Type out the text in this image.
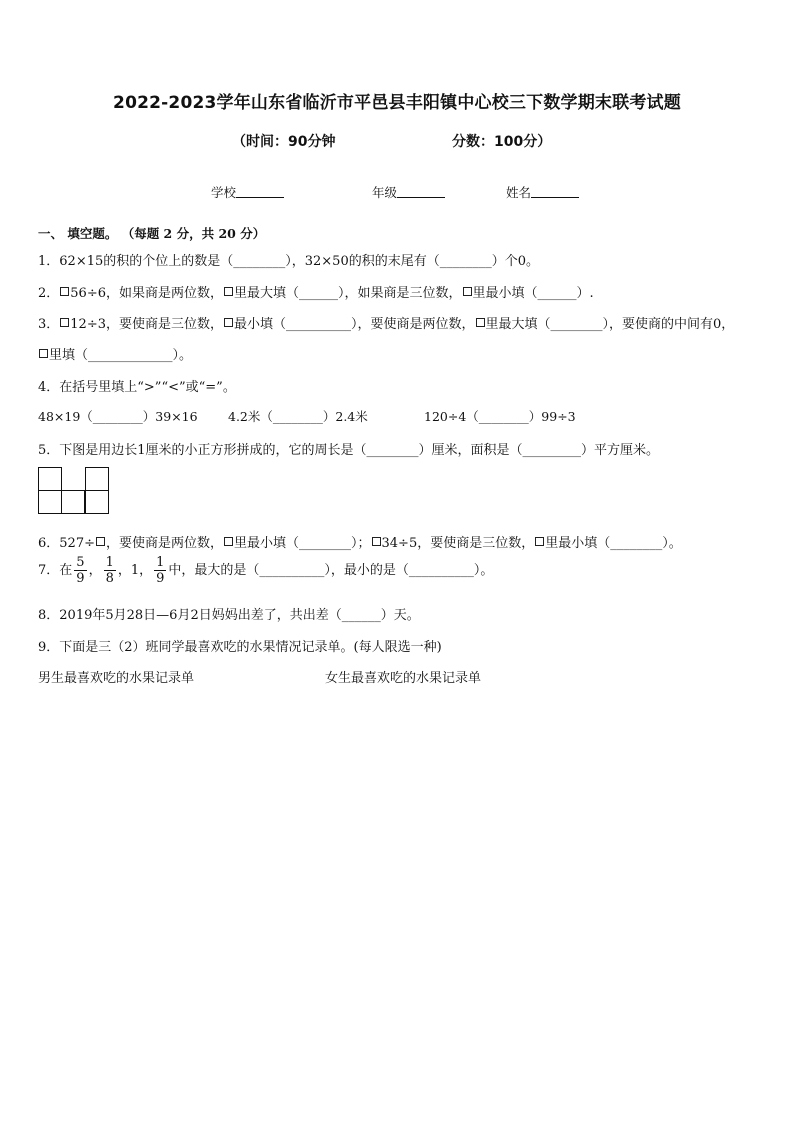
2022-2023学年山东省临沂市平邑县丰阳镇中心校三下数学期末联考试题
（时间：90分钟	分数：100分）
学校	年级	姓名
一、 填空题。 （每题 2 分，共 20 分）
1．62×15的积的个位上的数是（________），32×50的积的末尾有（________）个0。
2． 56÷6，如果商是两位数， 里最大填（______），如果商是三位数， 里最小填（______）.
3． 12÷3，要使商是三位数， 最小填（__________），要使商是两位数， 里最大填（________），要使商的中间有0，
里填（_____________）。
4．在括号里填上“>”“<”或“=”。
48×19（________）39×16 4.2米（________）2.4米	120÷4（________）99÷3
5．下图是用边长1厘米的小正方形拼成的，它的周长是（________）厘米，面积是（_________）平方厘米。
6．527÷ ，要使商是两位数， 里最小填（________）； 34÷5，要使商是三位数， 里最小填（________）。
7．在 $\frac{5}{9}$ ， $\frac{1}{8}$ ，1， $\frac{1}{9}$ 中，最大的是（__________），最小的是（__________）。
8．2019年5月28日—6月2日妈妈出差了，共出差（______）天。
9．下面是三（2）班同学最喜欢吃的水果情况记录单。(每人限选一种)
男生最喜欢吃的水果记录单	女生最喜欢吃的水果记录单
